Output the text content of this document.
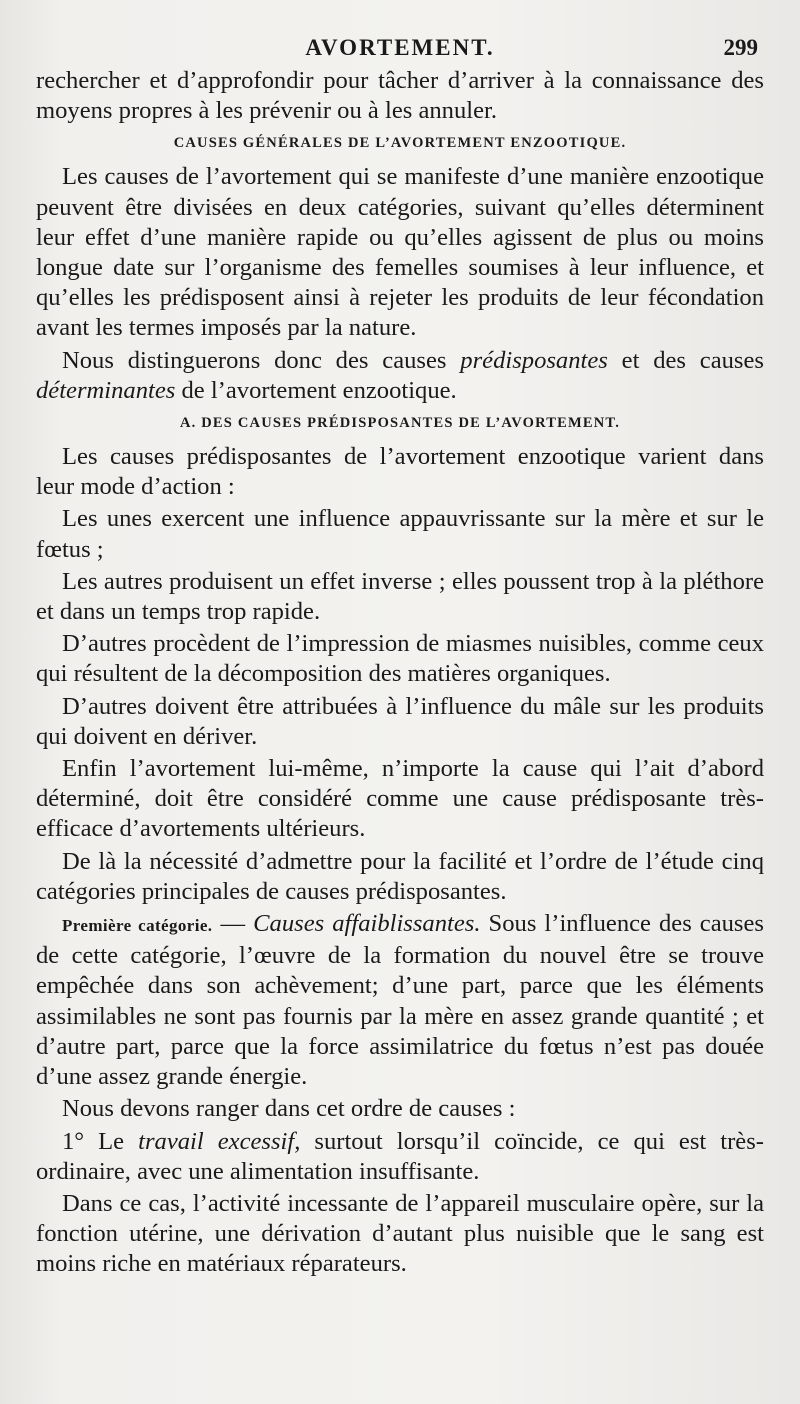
AVORTEMENT.	299

rechercher et d’approfondir pour tâcher d’arriver à la connaissance des moyens propres à les prévenir ou à les annuler.

CAUSES GÉNÉRALES DE L’AVORTEMENT ENZOOTIQUE.

Les causes de l’avortement qui se manifeste d’une manière enzootique peuvent être divisées en deux catégories, suivant qu’elles déterminent leur effet d’une manière rapide ou qu’elles agissent de plus ou moins longue date sur l’organisme des femelles soumises à leur influence, et qu’elles les prédisposent ainsi à rejeter les produits de leur fécondation avant les termes imposés par la nature.

Nous distinguerons donc des causes prédisposantes et des causes déterminantes de l’avortement enzootique.

A. DES CAUSES PRÉDISPOSANTES DE L’AVORTEMENT.

Les causes prédisposantes de l’avortement enzootique varient dans leur mode d’action :

Les unes exercent une influence appauvrissante sur la mère et sur le fœtus ;

Les autres produisent un effet inverse ; elles poussent trop à la pléthore et dans un temps trop rapide.

D’autres procèdent de l’impression de miasmes nuisibles, comme ceux qui résultent de la décomposition des matières organiques.

D’autres doivent être attribuées à l’influence du mâle sur les produits qui doivent en dériver.

Enfin l’avortement lui-même, n’importe la cause qui l’ait d’abord déterminé, doit être considéré comme une cause prédisposante très-efficace d’avortements ultérieurs.

De là la nécessité d’admettre pour la facilité et l’ordre de l’étude cinq catégories principales de causes prédisposantes.

Première catégorie. — Causes affaiblissantes. Sous l’influence des causes de cette catégorie, l’œuvre de la formation du nouvel être se trouve empêchée dans son achèvement; d’une part, parce que les éléments assimilables ne sont pas fournis par la mère en assez grande quantité ; et d’autre part, parce que la force assimilatrice du fœtus n’est pas douée d’une assez grande énergie.

Nous devons ranger dans cet ordre de causes :

1° Le travail excessif, surtout lorsqu’il coïncide, ce qui est très-ordinaire, avec une alimentation insuffisante.

Dans ce cas, l’activité incessante de l’appareil musculaire opère, sur la fonction utérine, une dérivation d’autant plus nuisible que le sang est moins riche en matériaux réparateurs.
